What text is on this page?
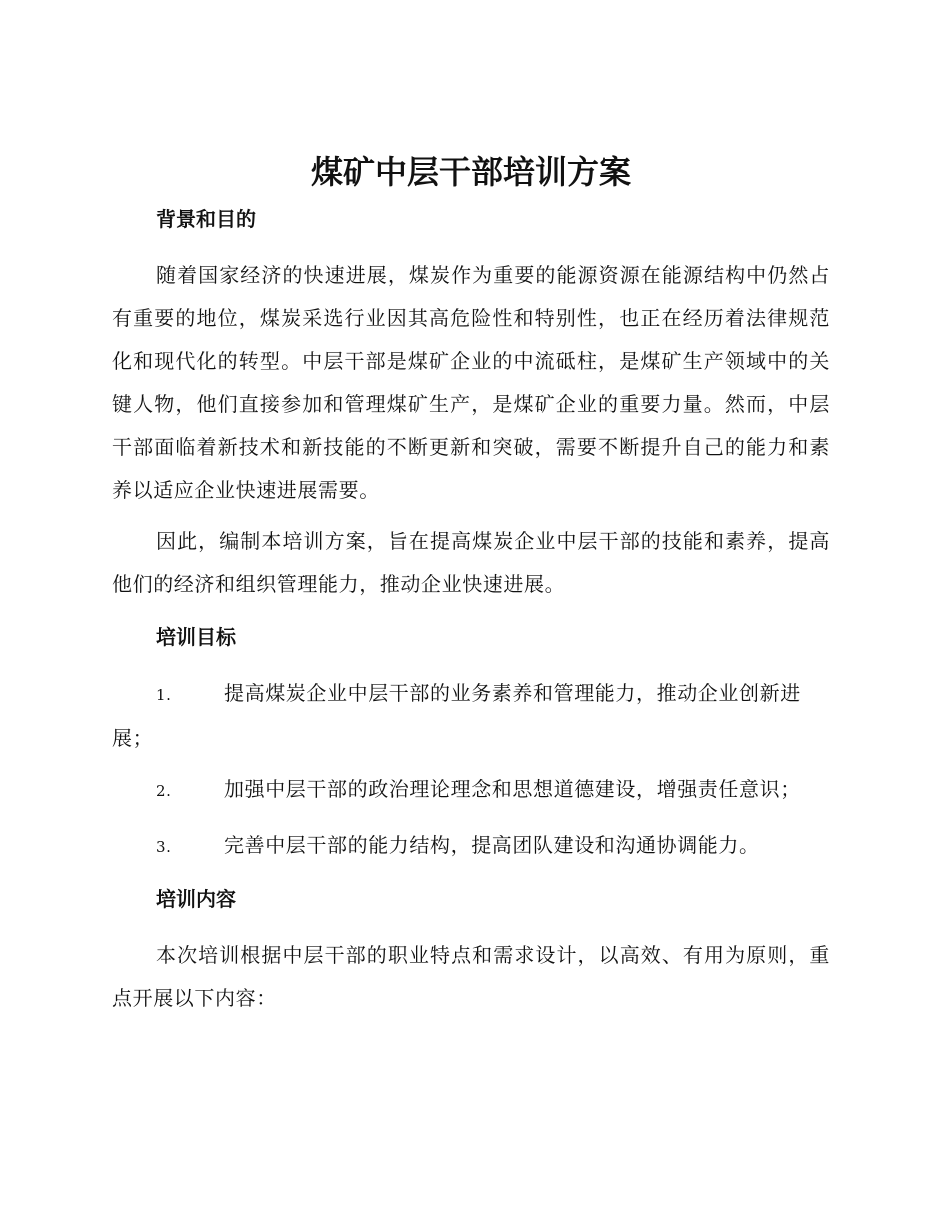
煤矿中层干部培训方案
背景和目的

随着国家经济的快速进展，煤炭作为重要的能源资源在能源结构中仍然占有重要的地位，煤炭采选行业因其高危险性和特别性，也正在经历着法律规范化和现代化的转型。中层干部是煤矿企业的中流砥柱，是煤矿生产领域中的关键人物，他们直接参加和管理煤矿生产，是煤矿企业的重要力量。然而，中层干部面临着新技术和新技能的不断更新和突破，需要不断提升自己的能力和素养以适应企业快速进展需要。

因此，编制本培训方案，旨在提高煤炭企业中层干部的技能和素养，提高他们的经济和组织管理能力，推动企业快速进展。

培训目标
1.	提高煤炭企业中层干部的业务素养和管理能力，推动企业创新进展；
2.	加强中层干部的政治理论理念和思想道德建设，增强责任意识；
3.	完善中层干部的能力结构，提高团队建设和沟通协调能力。
培训内容

本次培训根据中层干部的职业特点和需求设计，以高效、有用为原则，重点开展以下内容：
